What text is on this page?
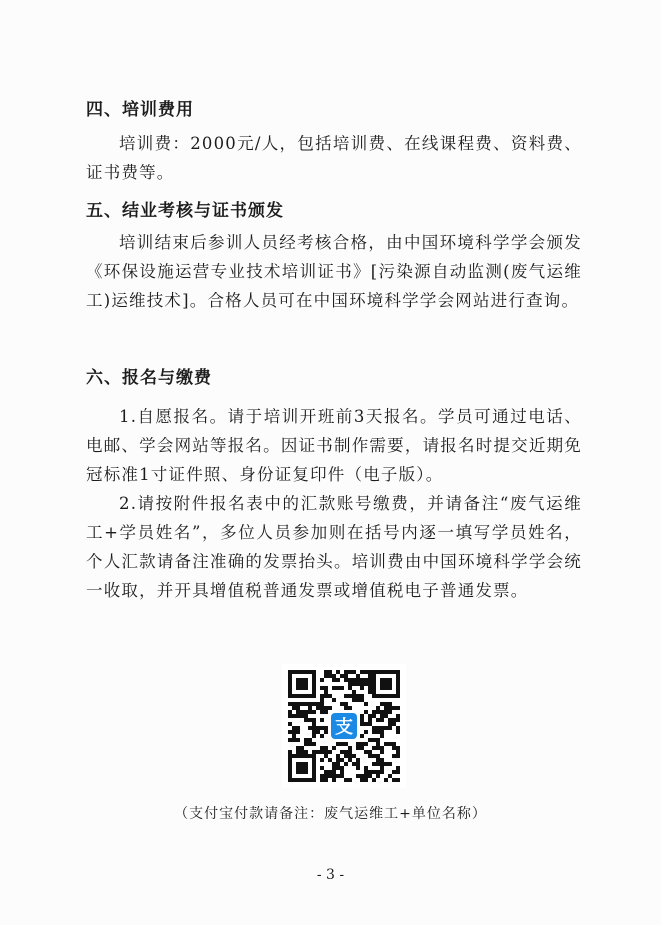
四、培训费用

培训费：2000元/人，包括培训费、在线课程费、资料费、证书费等。

五、结业考核与证书颁发

培训结束后参训人员经考核合格，由中国环境科学学会颁发《环保设施运营专业技术培训证书》[污染源自动监测(废气运维工)运维技术]。合格人员可在中国环境科学学会网站进行查询。

六、报名与缴费

1.自愿报名。请于培训开班前3天报名。学员可通过电话、电邮、学会网站等报名。因证书制作需要，请报名时提交近期免冠标准1寸证件照、身份证复印件（电子版）。

2.请按附件报名表中的汇款账号缴费，并请备注“废气运维工+学员姓名”，多位人员参加则在括号内逐一填写学员姓名，个人汇款请备注准确的发票抬头。培训费由中国环境科学学会统一收取，并开具增值税普通发票或增值税电子普通发票。

支

（支付宝付款请备注：废气运维工+单位名称）

- 3 -
